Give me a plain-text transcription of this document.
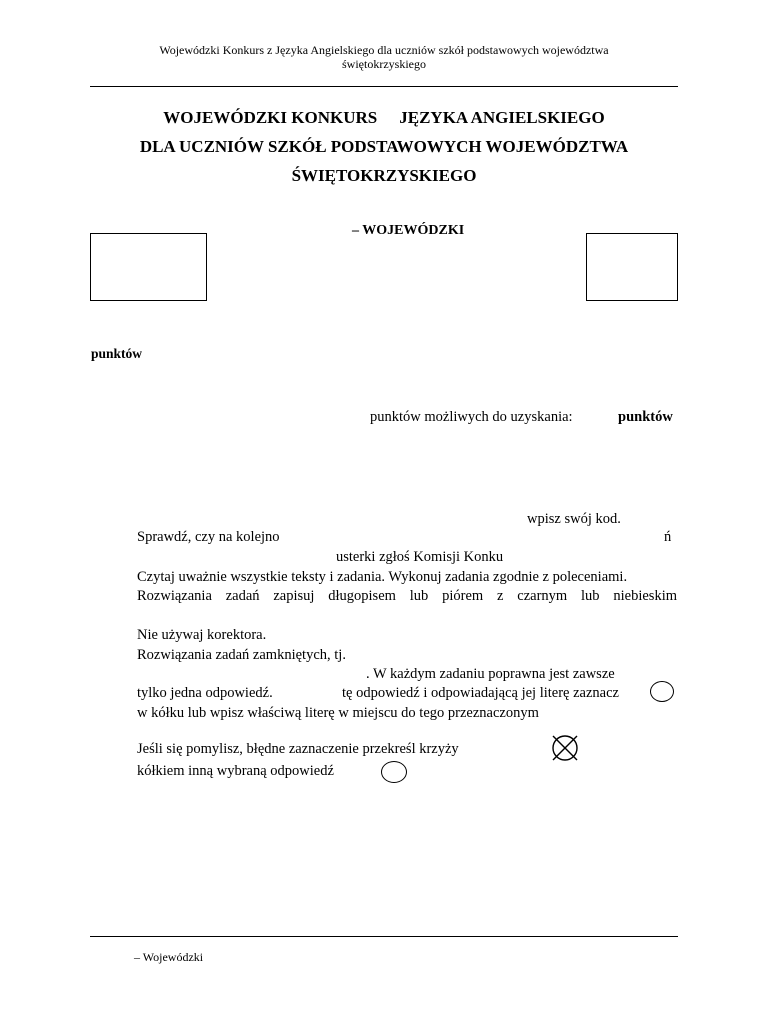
Wojewódzki Konkurs z Języka Angielskiego dla uczniów szkół podstawowych województwa
świętokrzyskiego
WOJEWÓDZKI KONKURS JĘZYKA ANGIELSKIEGO
DLA UCZNIÓW SZKÓŁ PODSTAWOWYCH WOJEWÓDZTWA
ŚWIĘTOKRZYSKIEGO
– WOJEWÓDZKI
punktów
punktów możliwych do uzyskania:	punktów
wpisz swój kod.
Sprawdź, czy na kolejno	ń
usterki zgłoś Komisji Konku
Czytaj uważnie wszystkie teksty i zadania. Wykonuj zadania zgodnie z poleceniami.
Rozwiązania zadań zapisuj długopisem lub piórem z czarnym lub niebieskim
Nie używaj korektora.
Rozwiązania zadań zamkniętych, tj.
. W każdym zadaniu poprawna jest zawsze
tylko jedna odpowiedź.	tę odpowiedź i odpowiadającą jej literę zaznacz
w kółku lub wpisz właściwą literę w miejscu do tego przeznaczonym
Jeśli się pomylisz, błędne zaznaczenie przekreśl krzyży
kółkiem inną wybraną odpowiedź
– Wojewódzki
